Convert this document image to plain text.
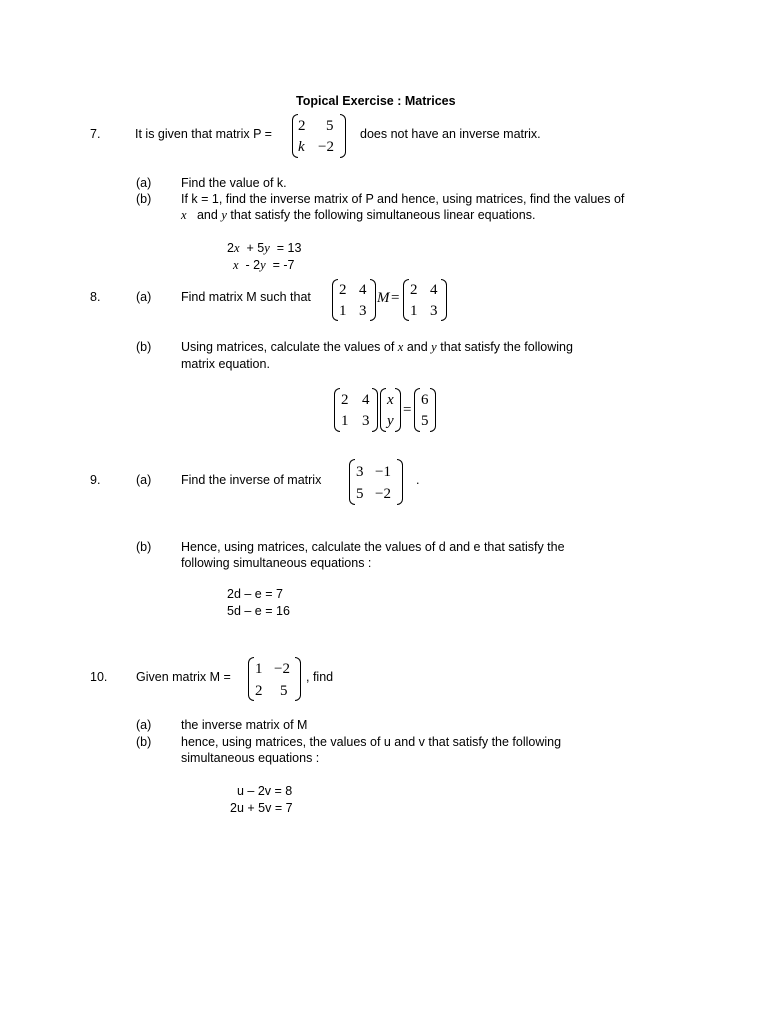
Topical Exercise : Matrices
7.	It is given that matrix P = 2 5
k −2
does not have an inverse matrix.
(a) Find the value of k.
(b) If k = 1, find the inverse matrix of P and hence, using matrices, find the values of
x and y that satisfy the following simultaneous linear equations.
2x + 5y = 13
x - 2y = -7
8.	(a) Find matrix M such that 2 4
1 3
M = 2 4
1 3
(b) Using matrices, calculate the values of x and y that satisfy the following
matrix equation.
2 4
1 3
x
y
=
6
5
9.	(a) Find the inverse of matrix 3 −1
5 −2
.
(b) Hence, using matrices, calculate the values of d and e that satisfy the
following simultaneous equations :
2d – e = 7
5d – e = 16
10. Given matrix M = 1 −2
2 5
, find
(a) the inverse matrix of M
(b) hence, using matrices, the values of u and v that satisfy the following
simultaneous equations :
u – 2v = 8
2u + 5v = 7
